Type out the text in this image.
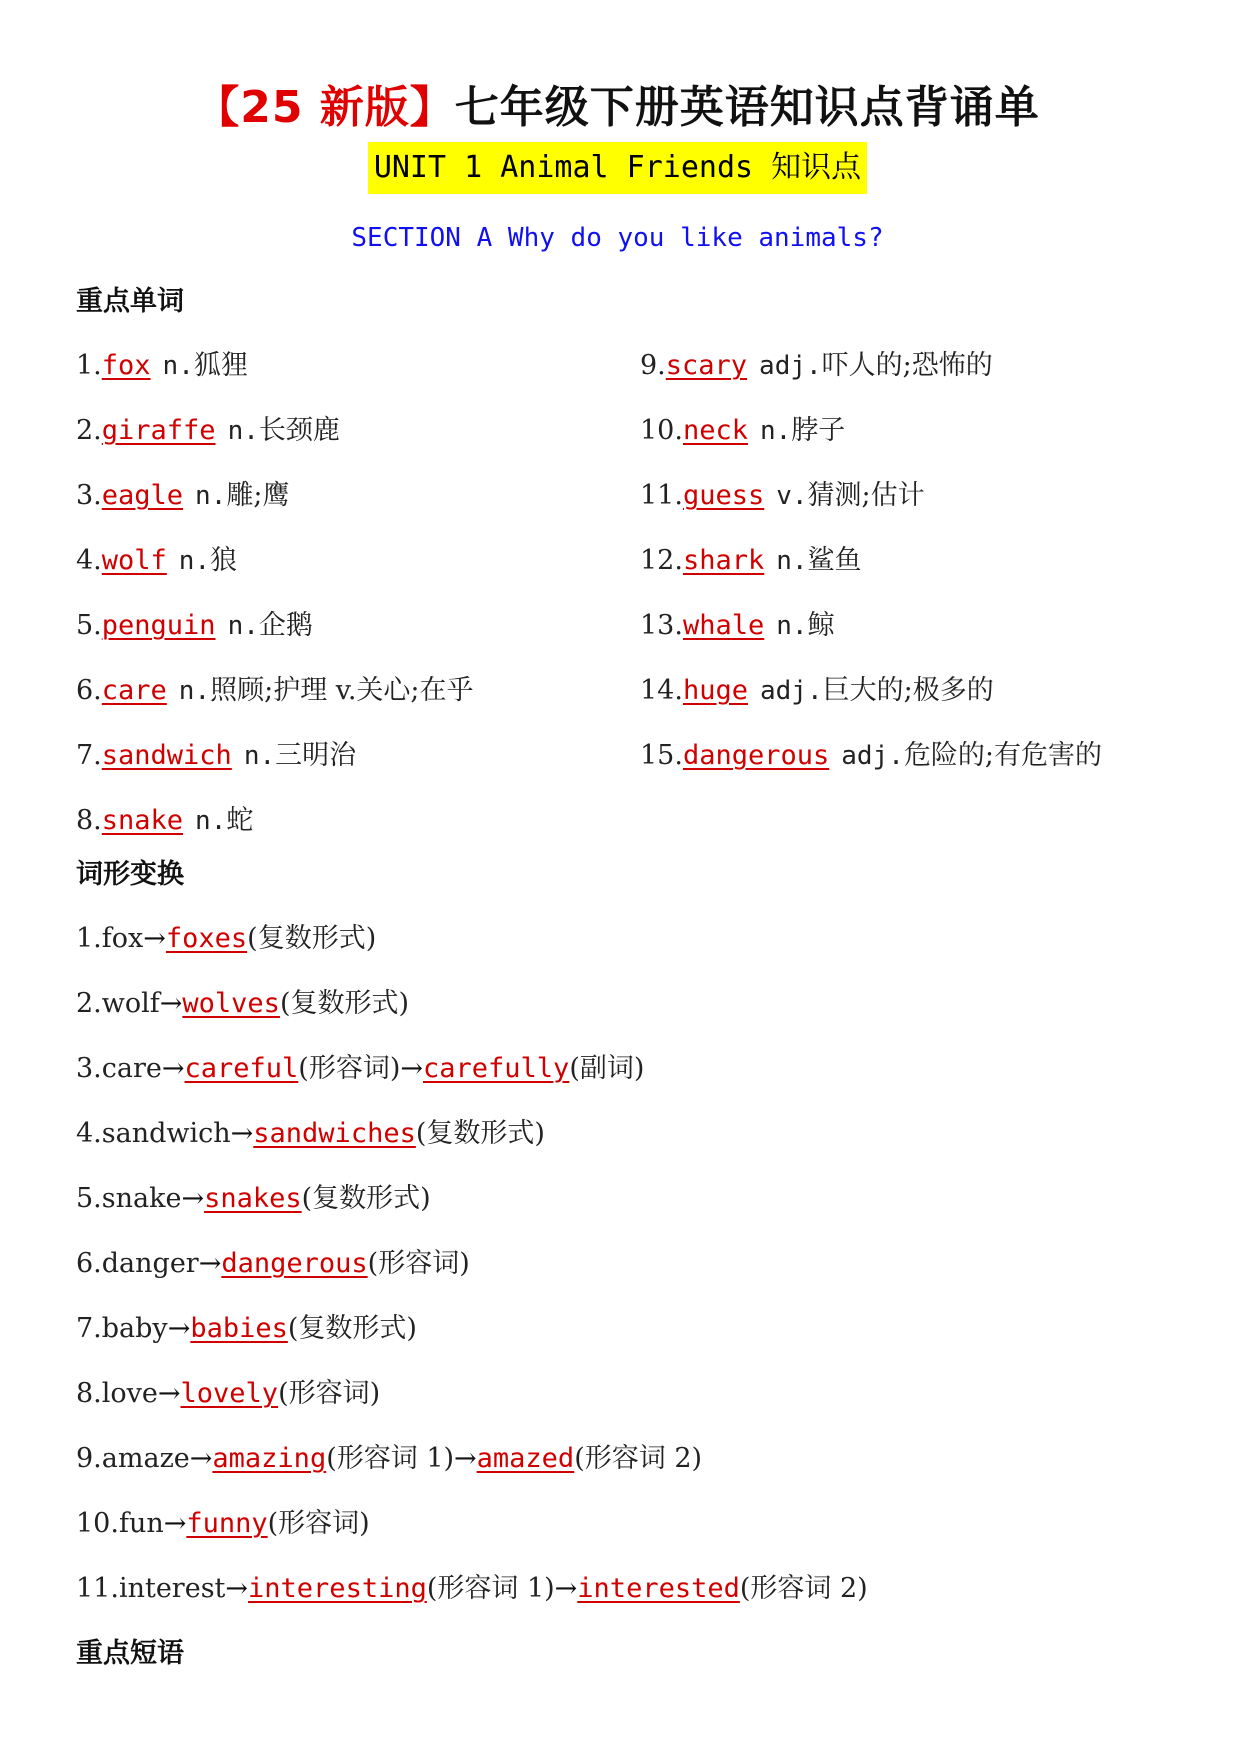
【25 新版】七年级下册英语知识点背诵单
UNIT 1 Animal Friends 知识点
SECTION A Why do you like animals?
重点单词
1.fox n.狐狸
2.giraffe n.长颈鹿
3.eagle n.雕;鹰
4.wolf n.狼
5.penguin n.企鹅
6.care n.照顾;护理 v.关心;在乎
7.sandwich n.三明治
8.snake n.蛇
9.scary adj.吓人的;恐怖的
10.neck n.脖子
11.guess v.猜测;估计
12.shark n.鲨鱼
13.whale n.鲸
14.huge adj.巨大的;极多的
15.dangerous adj.危险的;有危害的
词形变换
1.fox→foxes(复数形式)
2.wolf→wolves(复数形式)
3.care→careful(形容词)→carefully(副词)
4.sandwich→sandwiches(复数形式)
5.snake→snakes(复数形式)
6.danger→dangerous(形容词)
7.baby→babies(复数形式)
8.love→lovely(形容词)
9.amaze→amazing(形容词 1)→amazed(形容词 2)
10.fun→funny(形容词)
11.interest→interesting(形容词 1)→interested(形容词 2)
重点短语
